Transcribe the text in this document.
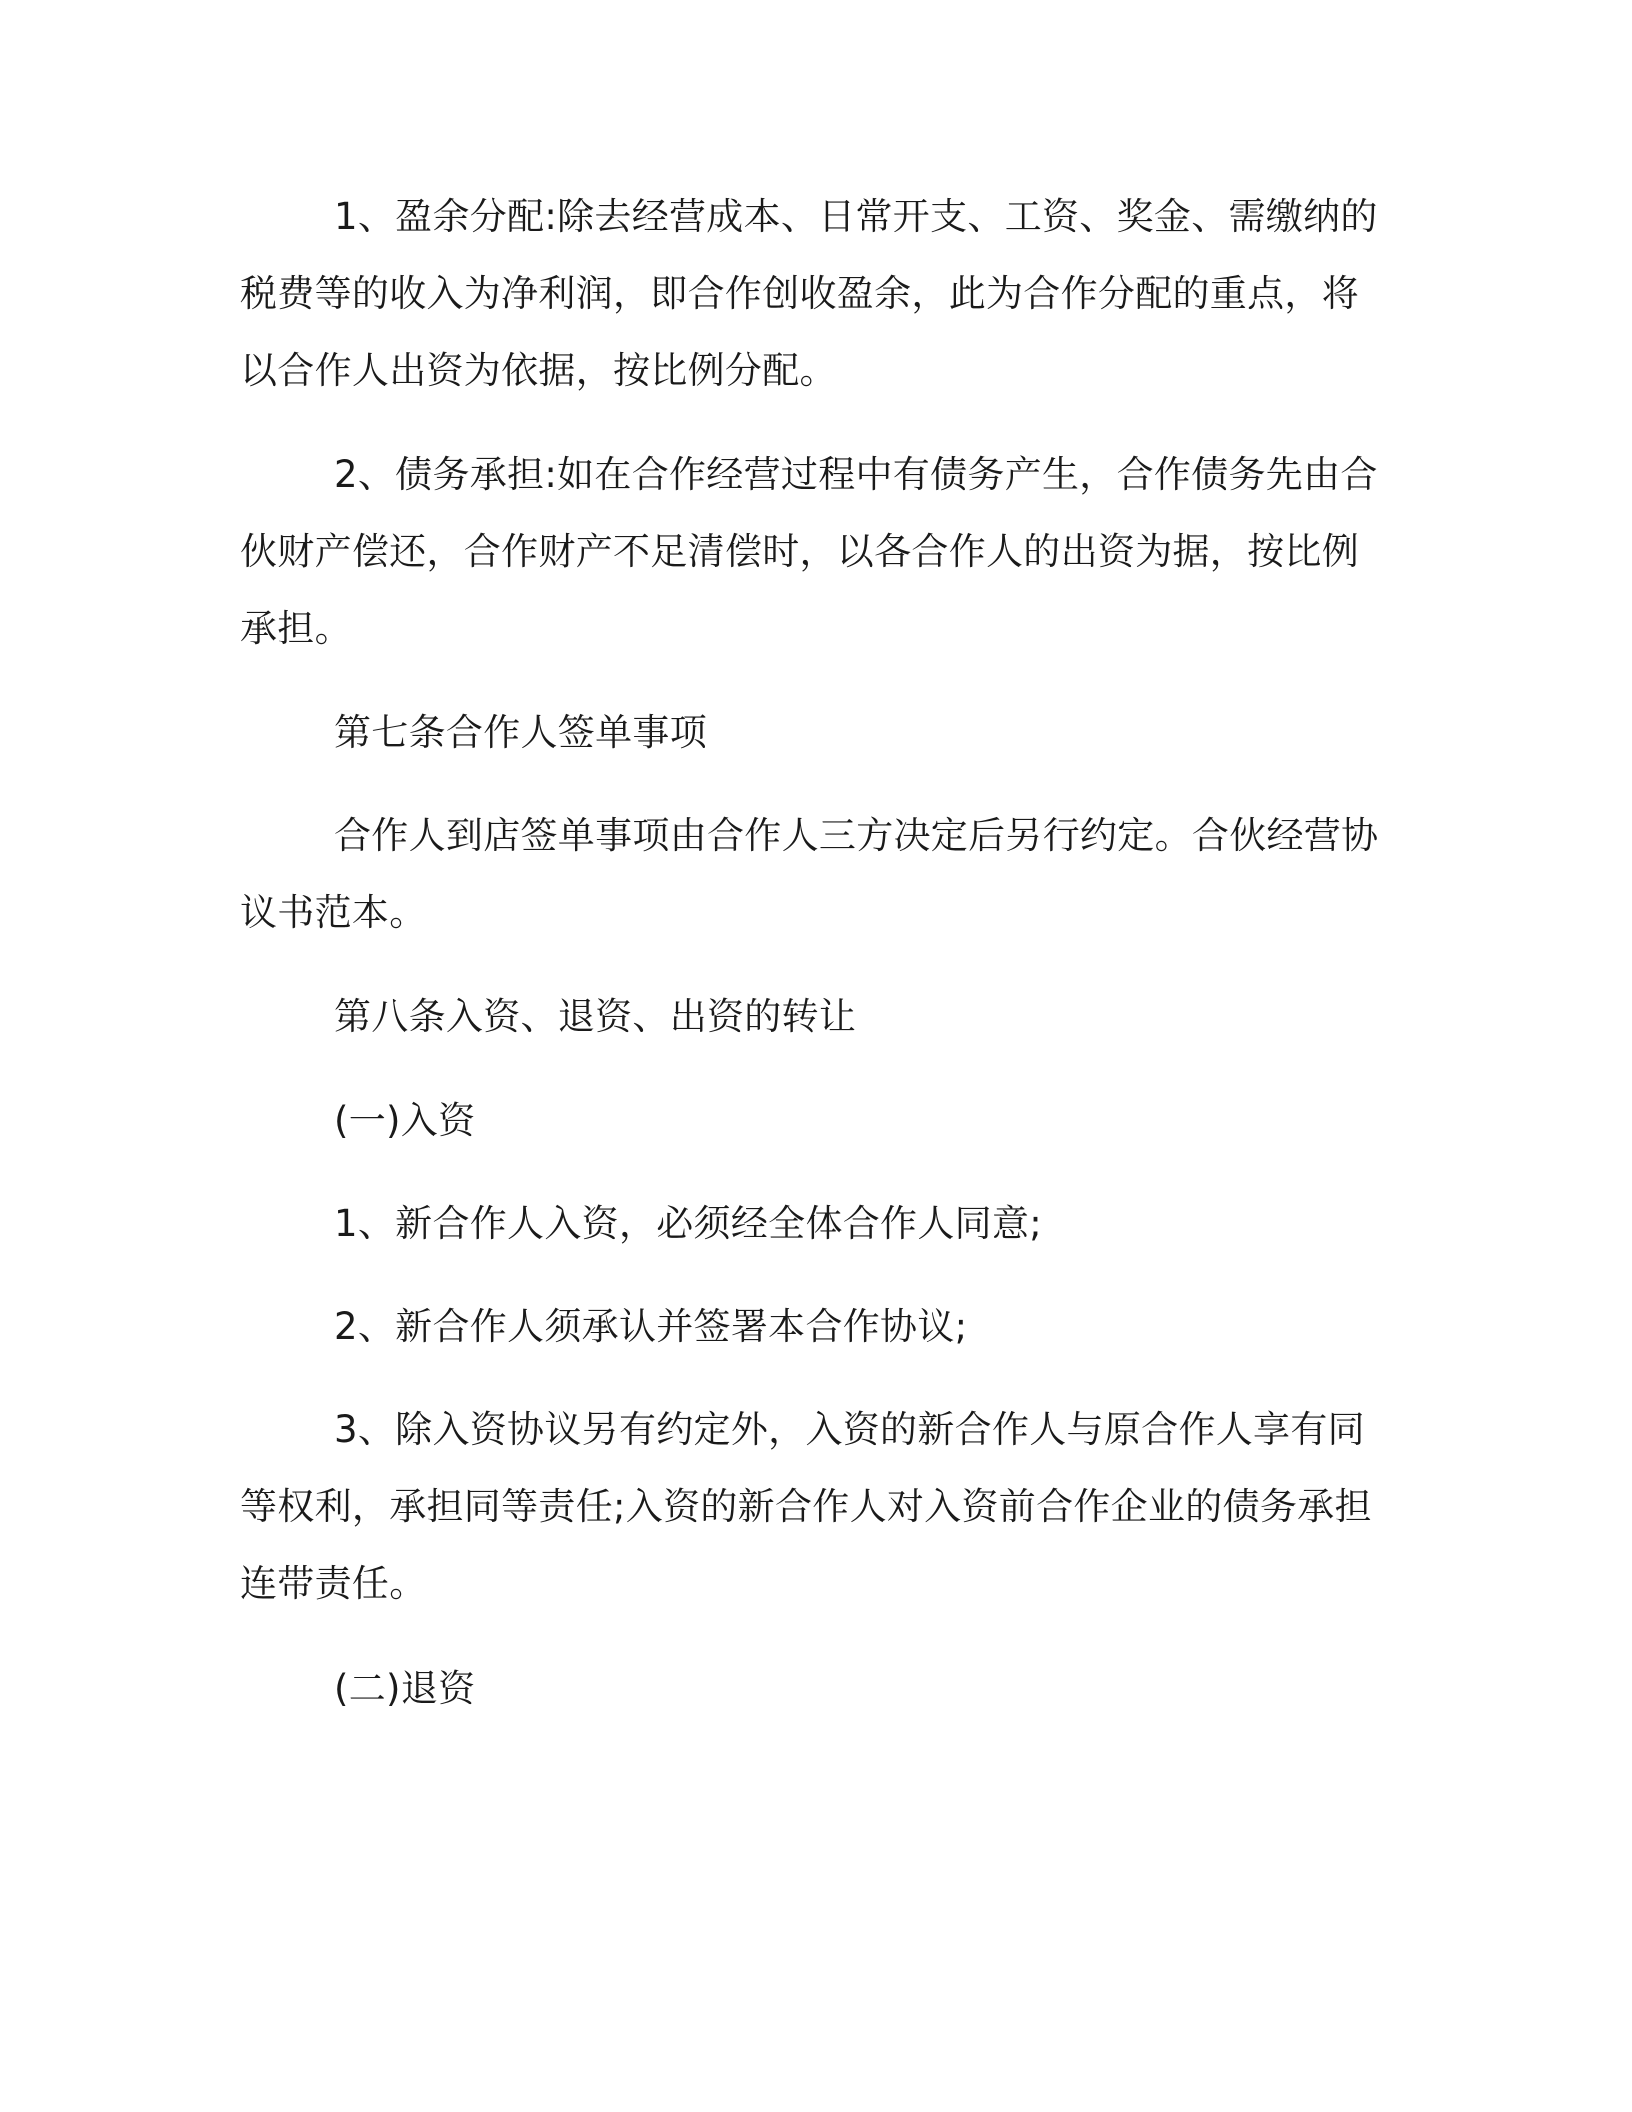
1、盈余分配:除去经营成本、日常开支、工资、奖金、需缴纳的税费等的收入为净利润，即合作创收盈余，此为合作分配的重点，将以合作人出资为依据，按比例分配。

2、债务承担:如在合作经营过程中有债务产生，合作债务先由合伙财产偿还，合作财产不足清偿时，以各合作人的出资为据，按比例承担。

第七条合作人签单事项

合作人到店签单事项由合作人三方决定后另行约定。合伙经营协议书范本。

第八条入资、退资、出资的转让

(一)入资

1、新合作人入资，必须经全体合作人同意;

2、新合作人须承认并签署本合作协议;

3、除入资协议另有约定外，入资的新合作人与原合作人享有同等权利，承担同等责任;入资的新合作人对入资前合作企业的债务承担连带责任。

(二)退资
